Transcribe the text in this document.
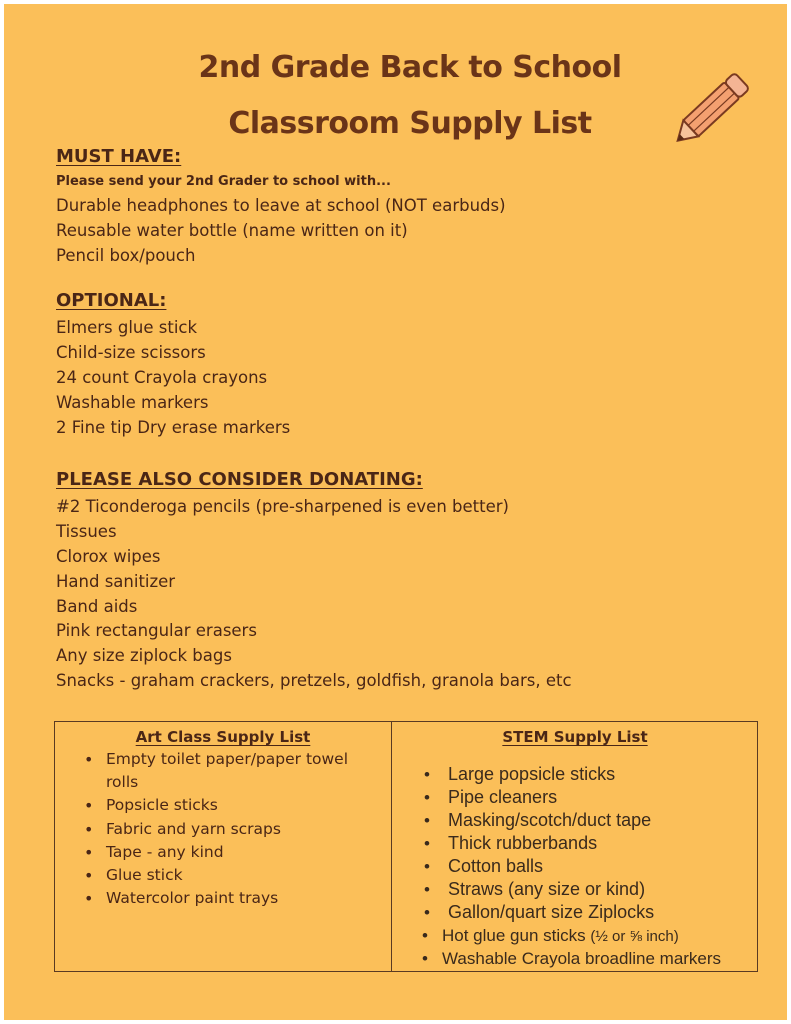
2nd Grade Back to School
Classroom Supply List
MUST HAVE:

Please send your 2nd Grader to school with...

Durable headphones to leave at school (NOT earbuds)
Reusable water bottle (name written on it)
Pencil box/pouch
OPTIONAL:
Elmers glue stick
Child-size scissors
24 count Crayola crayons
Washable markers
2 Fine tip Dry erase markers
PLEASE ALSO CONSIDER DONATING:
#2 Ticonderoga pencils (pre-sharpened is even better)
Tissues
Clorox wipes
Hand sanitizer
Band aids
Pink rectangular erasers
Any size ziplock bags
Snacks - graham crackers, pretzels, goldfish, granola bars, etc
Art Class Supply List	STEM Supply List
• Empty toilet paper/paper towel rolls
• Popsicle sticks
• Fabric and yarn scraps
• Tape - any kind
• Glue stick
• Watercolor paint trays
• Large popsicle sticks
• Pipe cleaners
• Masking/scotch/duct tape
• Thick rubberbands
• Cotton balls
• Straws (any size or kind)
• Gallon/quart size Ziplocks
• Hot glue gun sticks (½ or ⅝ inch)
• Washable Crayola broadline markers
